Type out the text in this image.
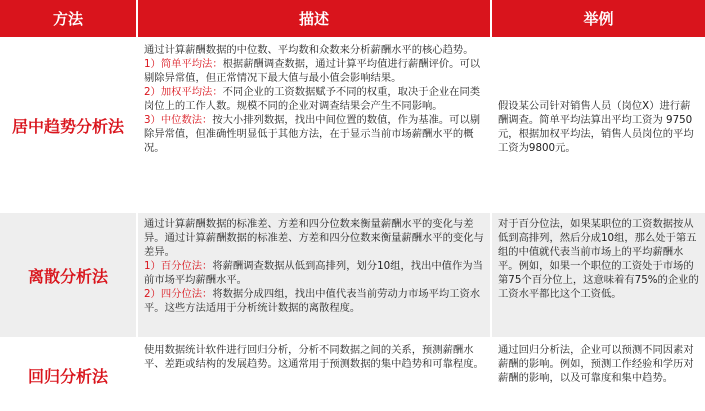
方法	描述	举例
居中趋势分析法

通过计算薪酬数据的中位数、平均数和众数来分析薪酬水平的核心趋势。

1）简单平均法：根据薪酬调查数据，通过计算平均值进行薪酬评价。可以剔除异常值，但正常情况下最大值与最小值会影响结果。

2）加权平均法：不同企业的工资数据赋予不同的权重，取决于企业在同类岗位上的工作人数。规模不同的企业对调查结果会产生不同影响。

3）中位数法：按大小排列数据，找出中间位置的数值，作为基准。可以剔除异常值，但准确性明显低于其他方法，在于显示当前市场薪酬水平的概况。

假设某公司针对销售人员（岗位X）进行薪酬调查。简单平均法算出平均工资为 9750元，根据加权平均法，销售人员岗位的平均工资为9800元。

离散分析法

通过计算薪酬数据的标准差、方差和四分位数来衡量薪酬水平的变化与差异。通过计算薪酬数据的标准差、方差和四分位数来衡量薪酬水平的变化与差异。

1）百分位法：将薪酬调查数据从低到高排列，划分10组，找出中值作为当前市场平均薪酬水平。

2）四分位法：将数据分成四组，找出中值代表当前劳动力市场平均工资水平。这些方法适用于分析统计数据的离散程度。

对于百分位法，如果某职位的工资数据按从低到高排列，然后分成10组，那么处于第五组的中值就代表当前市场上的平均薪酬水平。例如，如果一个职位的工资处于市场的第75个百分位上，这意味着有75%的企业的工资水平都比这个工资低。

回归分析法

使用数据统计软件进行回归分析，分析不同数据之间的关系，预测薪酬水平、差距或结构的发展趋势。这通常用于预测数据的集中趋势和可靠程度。

通过回归分析法，企业可以预测不同因素对薪酬的影响。例如，预测工作经验和学历对薪酬的影响，以及可靠度和集中趋势。
